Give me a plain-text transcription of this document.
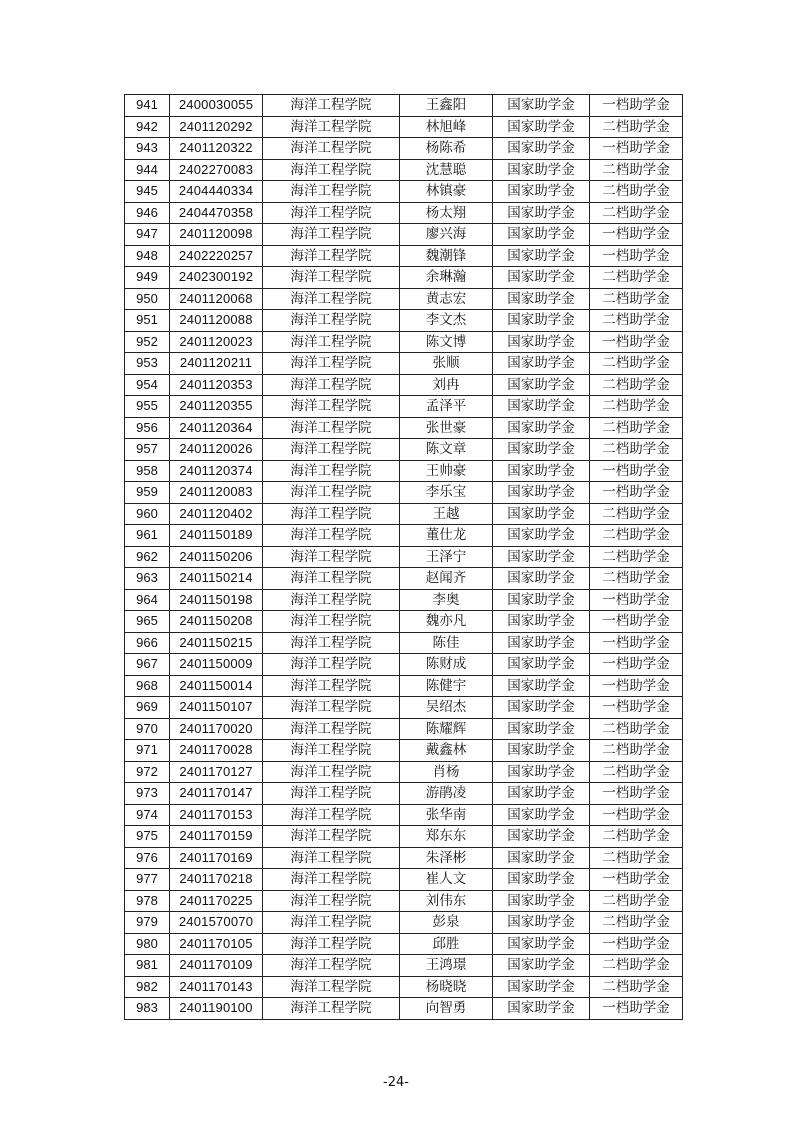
941	2400030055	海洋工程学院	王鑫阳	国家助学金	一档助学金
942	2401120292	海洋工程学院	林旭峰	国家助学金	二档助学金
943	2401120322	海洋工程学院	杨陈希	国家助学金	一档助学金
944	2402270083	海洋工程学院	沈慧聪	国家助学金	二档助学金
945	2404440334	海洋工程学院	林镇豪	国家助学金	二档助学金
946	2404470358	海洋工程学院	杨太翔	国家助学金	二档助学金
947	2401120098	海洋工程学院	廖兴海	国家助学金	一档助学金
948	2402220257	海洋工程学院	魏潮锋	国家助学金	一档助学金
949	2402300192	海洋工程学院	余琳瀚	国家助学金	二档助学金
950	2401120068	海洋工程学院	黄志宏	国家助学金	二档助学金
951	2401120088	海洋工程学院	李文杰	国家助学金	二档助学金
952	2401120023	海洋工程学院	陈文博	国家助学金	一档助学金
953	2401120211	海洋工程学院	张顺	国家助学金	二档助学金
954	2401120353	海洋工程学院	刘冉	国家助学金	二档助学金
955	2401120355	海洋工程学院	孟泽平	国家助学金	二档助学金
956	2401120364	海洋工程学院	张世豪	国家助学金	二档助学金
957	2401120026	海洋工程学院	陈文章	国家助学金	二档助学金
958	2401120374	海洋工程学院	王帅豪	国家助学金	一档助学金
959	2401120083	海洋工程学院	李乐宝	国家助学金	一档助学金
960	2401120402	海洋工程学院	王越	国家助学金	二档助学金
961	2401150189	海洋工程学院	董仕龙	国家助学金	二档助学金
962	2401150206	海洋工程学院	王泽宁	国家助学金	二档助学金
963	2401150214	海洋工程学院	赵闻齐	国家助学金	二档助学金
964	2401150198	海洋工程学院	李奥	国家助学金	一档助学金
965	2401150208	海洋工程学院	魏亦凡	国家助学金	一档助学金
966	2401150215	海洋工程学院	陈佳	国家助学金	一档助学金
967	2401150009	海洋工程学院	陈财成	国家助学金	一档助学金
968	2401150014	海洋工程学院	陈健宇	国家助学金	一档助学金
969	2401150107	海洋工程学院	吴绍杰	国家助学金	一档助学金
970	2401170020	海洋工程学院	陈耀辉	国家助学金	二档助学金
971	2401170028	海洋工程学院	戴鑫林	国家助学金	二档助学金
972	2401170127	海洋工程学院	肖杨	国家助学金	二档助学金
973	2401170147	海洋工程学院	游鹃凌	国家助学金	一档助学金
974	2401170153	海洋工程学院	张华南	国家助学金	一档助学金
975	2401170159	海洋工程学院	郑东东	国家助学金	二档助学金
976	2401170169	海洋工程学院	朱泽彬	国家助学金	二档助学金
977	2401170218	海洋工程学院	崔人文	国家助学金	一档助学金
978	2401170225	海洋工程学院	刘伟东	国家助学金	二档助学金
979	2401570070	海洋工程学院	彭泉	国家助学金	二档助学金
980	2401170105	海洋工程学院	邱胜	国家助学金	一档助学金
981	2401170109	海洋工程学院	王鸿璟	国家助学金	二档助学金
982	2401170143	海洋工程学院	杨晓晓	国家助学金	二档助学金
983	2401190100	海洋工程学院	向智勇	国家助学金	一档助学金
-24-
